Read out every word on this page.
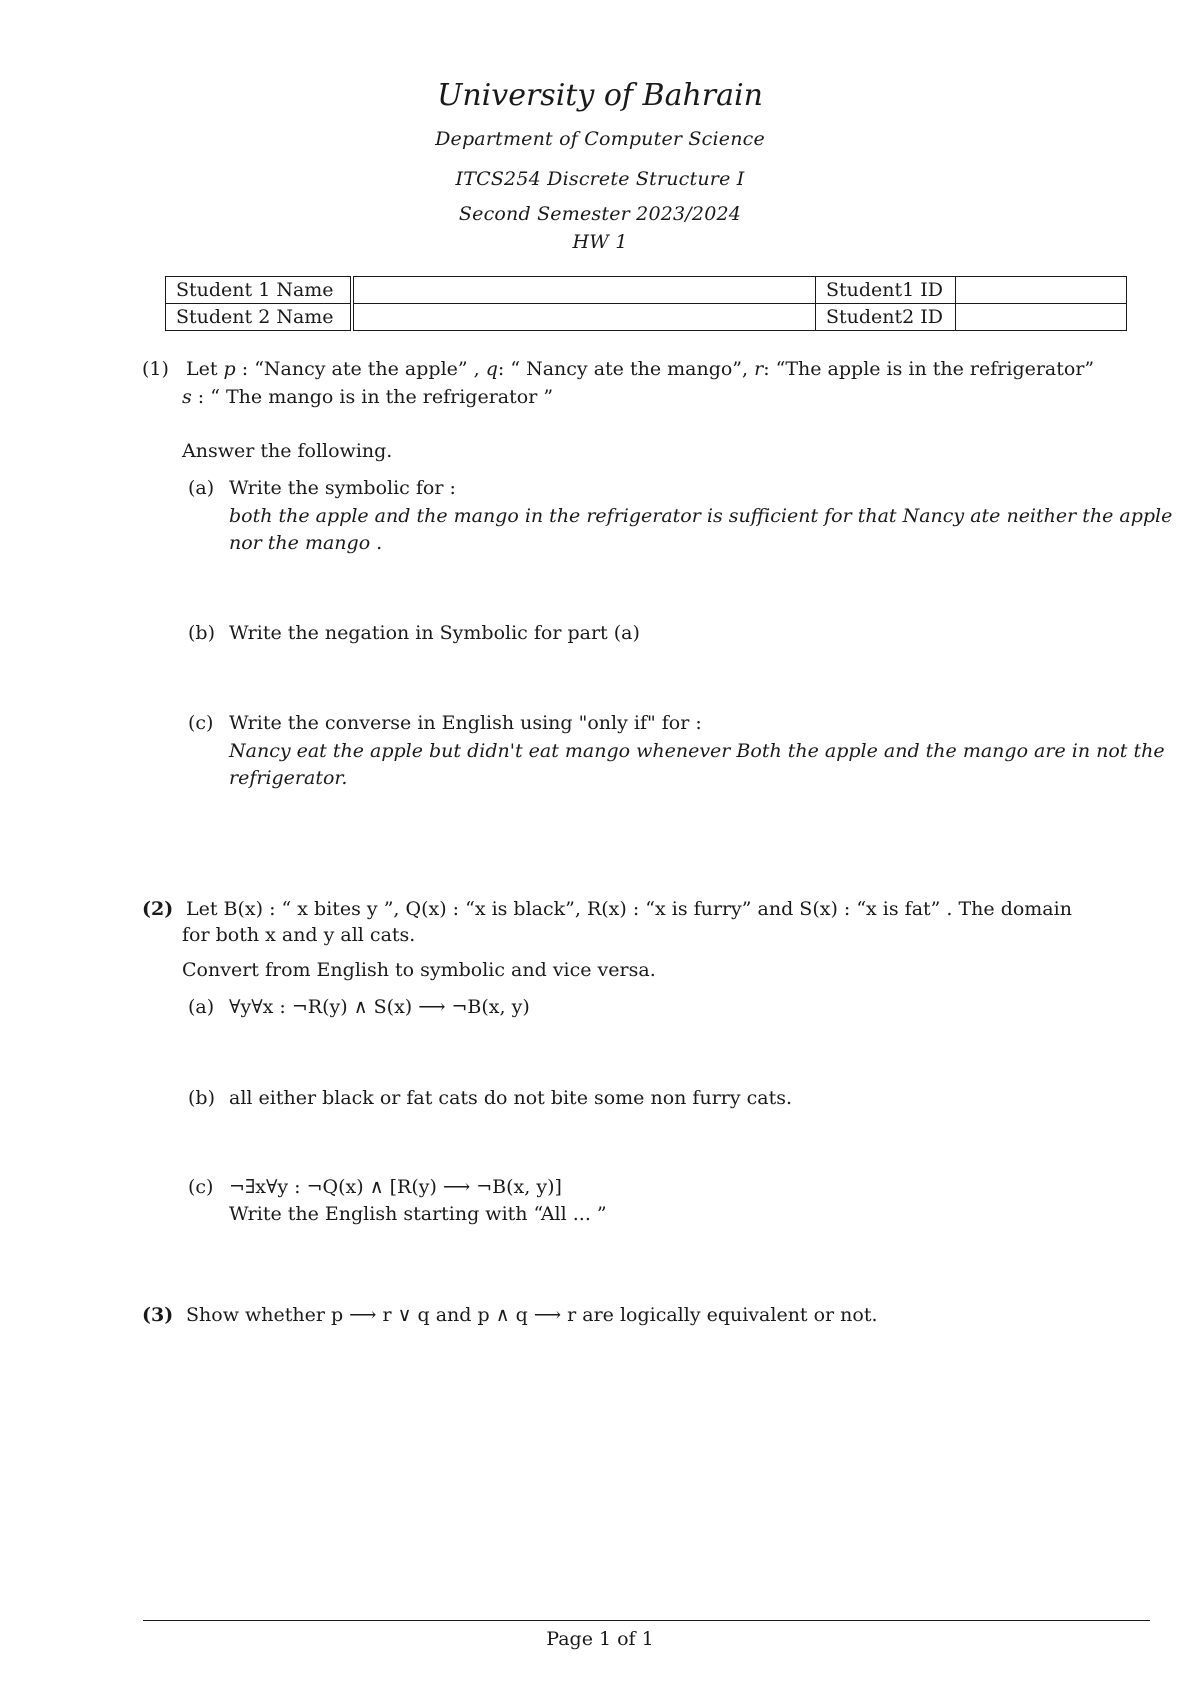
University of Bahrain
Department of Computer Science
ITCS254 Discrete Structure I
Second Semester 2023/2024
HW 1
Student 1 Name		Student1 ID	
Student 2 Name		Student2 ID	
(1) Let p : “Nancy ate the apple” , q: “ Nancy ate the mango”, r: “The apple is in the refrigerator”
s : “ The mango is in the refrigerator ”
Answer the following.
(a) Write the symbolic for :
both the apple and the mango in the refrigerator is sufficient for that Nancy ate neither the apple
nor the mango .
(b) Write the negation in Symbolic for part (a)
(c) Write the converse in English using "only if" for :
Nancy eat the apple but didn't eat mango whenever Both the apple and the mango are in not the
refrigerator.
(2) Let B(x) : “ x bites y ”, Q(x) : “x is black”, R(x) : “x is furry” and S(x) : “x is fat” . The domain
for both x and y all cats.
Convert from English to symbolic and vice versa.
(a) ∀y∀x : ¬R(y) ∧ S(x) ⟶ ¬B(x, y)
(b) all either black or fat cats do not bite some non furry cats.
(c) ¬∃x∀y : ¬Q(x) ∧ [R(y) ⟶ ¬B(x, y)]
Write the English starting with “All ... ”
(3) Show whether p ⟶ r ∨ q and p ∧ q ⟶ r are logically equivalent or not.
Page 1 of 1
